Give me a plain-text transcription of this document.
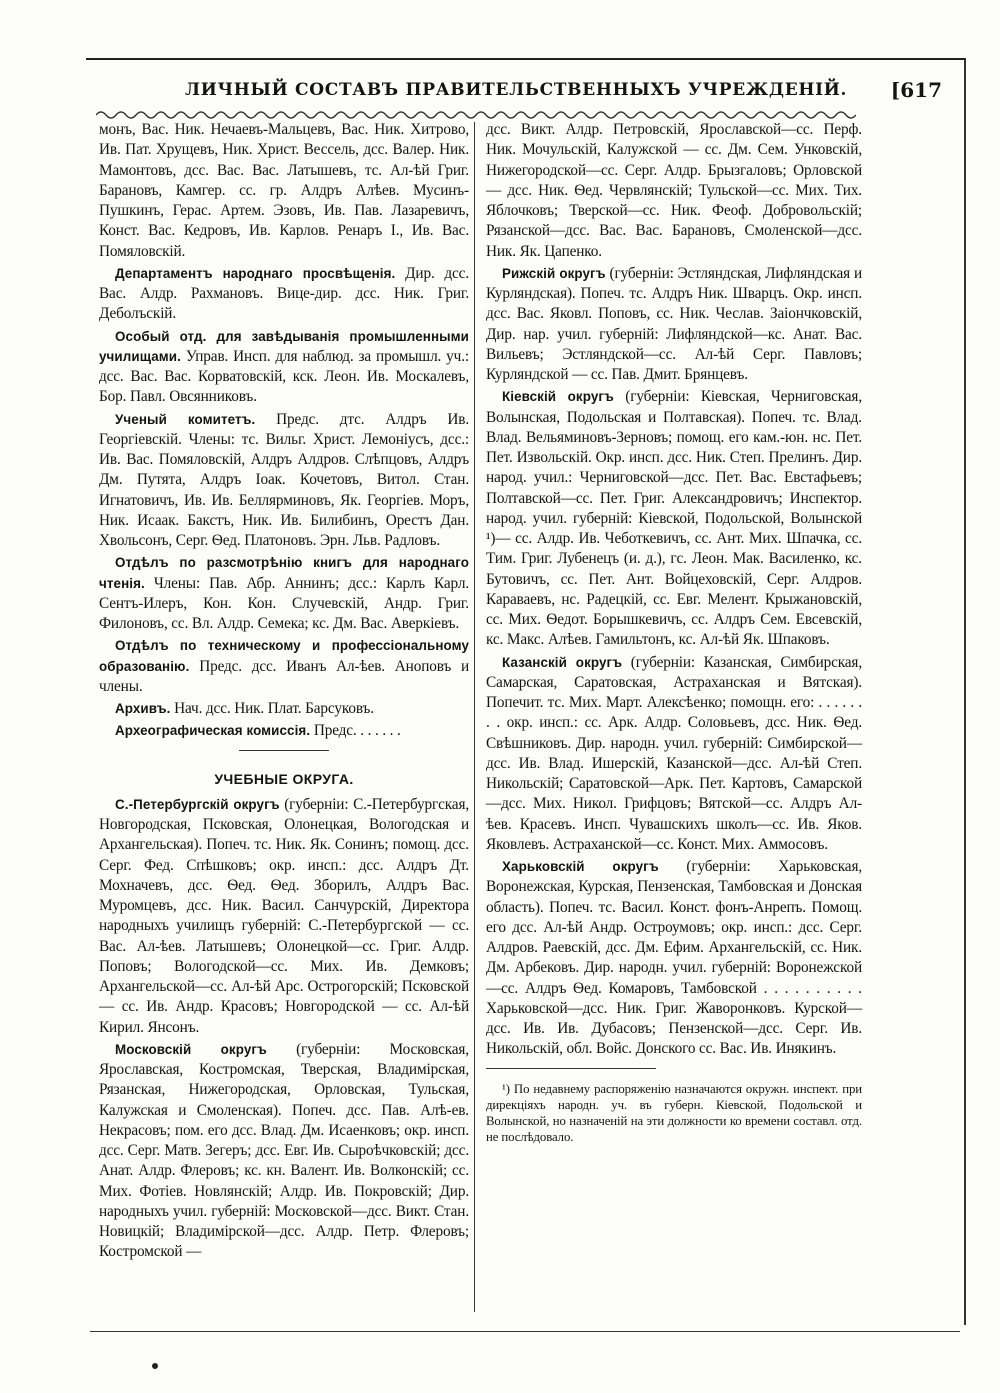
ЛИЧНЫЙ СОСТАВЪ ПРАВИТЕЛЬСТВЕННЫХЪ УЧРЕЖДЕНІЙ. [617

монъ, Вас. Ник. Нечаевъ-Мальцевъ, Вас. Ник. Хитрово, Ив. Пат. Хрущевъ, Ник. Христ. Вессель, дсс. Валер. Ник. Мамонтовъ, дсс. Вас. Вас. Латышевъ, тс. Ал-ѣй Григ. Барановъ, Камгер. сс. гр. Алдръ Алѣев. Мусинъ-Пушкинъ, Герас. Артем. Эзовъ, Ив. Пав. Лазаревичъ, Конст. Вас. Кедровъ, Ив. Карлов. Ренаръ I., Ив. Вас. Помяловскій.

Департаментъ народнаго просвѣщенія. Дир. дсс. Вас. Алдр. Рахмановъ. Вице-дир. дсс. Ник. Григ. Деболъскій.

Особый отд. для завѣдыванія промышленными училищами. Управ. Инсп. для наблюд. за промышл. уч.: дсс. Вас. Вас. Корватовскій, кск. Леон. Ив. Москалевъ, Бор. Павл. Овсянниковъ.

Ученый комитетъ. Предс. дтс. Алдръ Ив. Георгіевскій. Члены: тс. Вильг. Христ. Лемонiусъ, дсс.: Ив. Вас. Помяловскій, Алдръ Алдров. Слѣпцовъ, Алдръ Дм. Путята, Алдръ Іоак. Кочетовъ, Витол. Стан. Игнатовичъ, Ив. Ив. Беллярминовъ, Як. Георгіев. Моръ, Ник. Исаак. Бакстъ, Ник. Ив. Билибинъ, Орестъ Дан. Хвольсонъ, Серг. Ѳед. Платоновъ. Эрн. Льв. Радловъ.

Отдѣлъ по разсмотрѣнію книгъ для народнаго чтенія. Члены: Пав. Абр. Аннинъ; дсс.: Карлъ Карл. Сентъ-Илеръ, Кон. Кон. Случевскій, Андр. Григ. Филоновъ, сс. Вл. Алдр. Семека; кс. Дм. Вас. Аверкіевъ.

Отдѣлъ по техническому и профессiональному образованiю. Предс. дсс. Иванъ Ал-ѣев. Аноповъ и члены.

Архивъ. Нач. дсс. Ник. Плат. Барсуковъ.

Археографическая комиссія. Предс. . . . . . .

УЧЕБНЫЕ ОКРУГА.

С.-Петербургскій округъ (губерніи: С.-Петербургская, Новгородская, Псковская, Олонецкая, Вологодская и Архангельская). Попеч. тс. Ник. Як. Сонинъ; помощ. дсс. Серг. Фед. Спѣшковъ; окр. инсп.: дсс. Алдръ Дт. Мохначевъ, дсс. Ѳед. Ѳед. Зборилъ, Алдръ Вас. Муромцевъ, дсс. Ник. Васил. Санчурскій, Директора народныхъ училищъ губерній: С.-Петербургской — сс. Вас. Ал-ѣев. Латышевъ; Олонецкой—сс. Григ. Алдр. Поповъ; Вологодской—сс. Мих. Ив. Демковъ; Архангельской—сс. Ал-ѣй Арс. Острогорскій; Псковской — сс. Ив. Андр. Красовъ; Новгородской — сс. Ал-ѣй Кирил. Янсонъ.

Московскій округъ (губерніи: Московская, Ярославская, Костромская, Тверская, Владимірская, Рязанская, Нижегородская, Орловская, Тульская, Калужская и Смоленская). Попеч. дсс. Пав. Алѣ-ев. Некрасовъ; пом. его дсс. Влад. Дм. Исаенковъ; окр. инсп. дсс. Серг. Матв. Зегеръ; дсс. Евг. Ив. Сыроѣчковскій; дсс. Анат. Алдр. Флеровъ; кс. кн. Валент. Ив. Волконскій; сс. Мих. Фотiев. Новлянскій; Алдр. Ив. Покровскій; Дир. народныхъ учил. губерній: Московской—дсс. Викт. Стан. Новицкій; Владимірской—дсс. Алдр. Петр. Флеровъ; Костромской —

дсс. Викт. Алдр. Петровскій, Ярославской—сс. Перф. Ник. Мочульскій, Калужской — сс. Дм. Сем. Унковскій, Нижегородской—сс. Серг. Алдр. Брызгаловъ; Орловской — дсс. Ник. Ѳед. Червлянскій; Тульской—сс. Мих. Тих. Яблочковъ; Тверской—сс. Ник. Феоф. Добровольскій; Рязанской—дсс. Вас. Вас. Барановъ, Смоленской—дсс. Ник. Як. Цапенко.

Рижскій округъ (губерніи: Эстляндская, Лифляндская и Курляндская). Попеч. тс. Алдръ Ник. Шварцъ. Окр. инсп. дсс. Вас. Яковл. Поповъ, сс. Ник. Чеслав. Заіончковскій, Дир. нар. учил. губерній: Лифляндской—кс. Анат. Вас. Вильевъ; Эстляндской—сс. Ал-ѣй Серг. Павловъ; Курляндской — сс. Пав. Дмит. Брянцевъ.

Кіевскій округъ (губерніи: Кіевская, Черниговская, Волынская, Подольская и Полтавская). Попеч. тс. Влад. Влад. Вельяминовъ-Зерновъ; помощ. его кам.-юн. нс. Пет. Пет. Извольскій. Окр. инсп. дсс. Ник. Степ. Прелинъ. Дир. народ. учил.: Черниговской—дсс. Пет. Вас. Евстафьевъ; Полтавской—сс. Пет. Григ. Александровичъ; Инспектор. народ. учил. губерній: Кіевской, Подольской, Волынской ¹)— сс. Алдр. Ив. Чеботкевичъ, сс. Ант. Мих. Шпачка, сс. Тим. Григ. Лубенецъ (и. д.), гс. Леон. Мак. Василенко, кс. Бутовичъ, сс. Пет. Ант. Войцеховскій, Серг. Алдров. Караваевъ, нс. Радецкій, сс. Евг. Мелент. Крыжановскій, сс. Мих. Ѳедот. Борышкевичъ, сс. Алдръ Сем. Евсевскій, кс. Макс. Алѣев. Гамильтонъ, кс. Ал-ѣй Як. Шпаковъ.

Казанскій округъ (губерніи: Казанская, Симбирская, Самарская, Саратовская, Астраханская и Вятская). Попечит. тс. Мих. Март. Алексѣенко; помощн. его: . . . . . . . . окр. инсп.: сс. Арк. Алдр. Соловьевъ, дсс. Ник. Ѳед. Свѣшниковъ. Дир. народн. учил. губерній: Симбирской—дсс. Ив. Влад. Ишерскій, Казанской—дсс. Ал-ѣй Степ. Никольскій; Саратовской—Арк. Пет. Картовъ, Самарской—дсс. Мих. Никол. Грифцовъ; Вятской—сс. Алдръ Ал-ѣев. Красевъ. Инсп. Чувашскихъ школъ—сс. Ив. Яков. Яковлевъ. Астраханской—сс. Конст. Мих. Аммосовъ.

Харьковскій округъ (губерніи: Харьковская, Воронежская, Курская, Пензенская, Тамбовская и Донская область). Попеч. тс. Васил. Конст. фонъ-Анрепъ. Помощ. его дсс. Ал-ѣй Андр. Остроумовъ; окр. инсп.: дсс. Серг. Алдров. Раевскій, дсс. Дм. Ефим. Архангельскій, сс. Ник. Дм. Арбековъ. Дир. народн. учил. губерній: Воронежской—сс. Алдръ Ѳед. Комаровъ, Тамбовской . . . . . . . . . . Харьковской—дсс. Ник. Григ. Жаворонковъ. Курской—дсс. Ив. Ив. Дубасовъ; Пензенской—дсс. Серг. Ив. Никольскій, обл. Войс. Донского сс. Вас. Ив. Инякинъ.

¹) По недавнему распоряженію назначаются окружн. инспект. при дирекціяхъ народн. уч. въ губерн. Кіевской, Подольской и Волынской, но назначеній на эти должности ко времени составл. отд. не послѣдовало.
